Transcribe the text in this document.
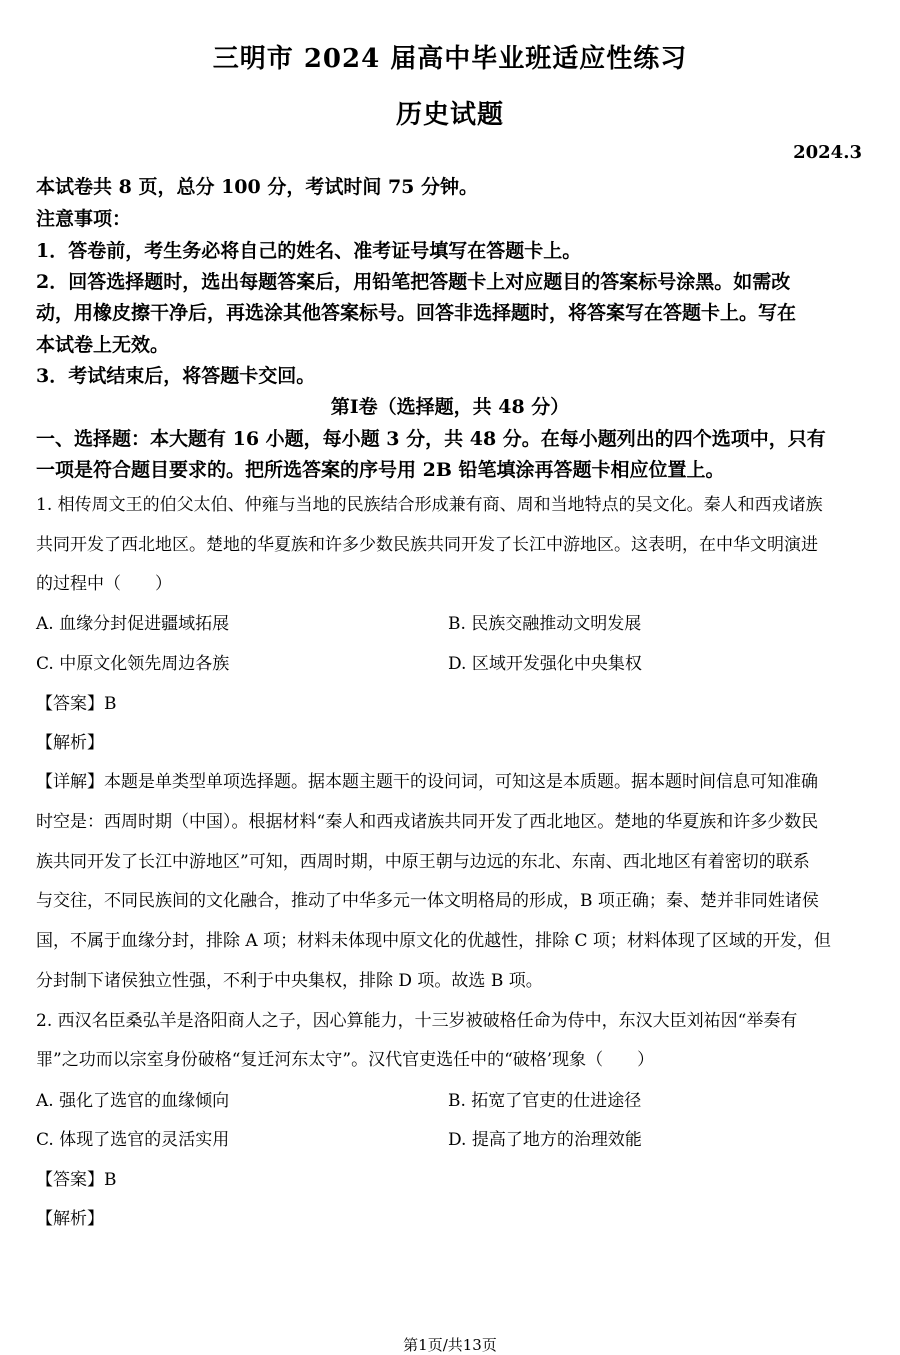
三明市 2024 届高中毕业班适应性练习
历史试题
2024.3
本试卷共 8 页，总分 100 分，考试时间 75 分钟。
注意事项：
1．答卷前，考生务必将自己的姓名、准考证号填写在答题卡上。
2．回答选择题时，选出每题答案后，用铅笔把答题卡上对应题目的答案标号涂黑。如需改
动，用橡皮擦干净后，再选涂其他答案标号。回答非选择题时，将答案写在答题卡上。写在
本试卷上无效。
3．考试结束后，将答题卡交回。
第Ⅰ卷（选择题，共 48 分）
一、选择题：本大题有 16 小题，每小题 3 分，共 48 分。在每小题列出的四个选项中，只有
一项是符合题目要求的。把所选答案的序号用 2B 铅笔填涂再答题卡相应位置上。
1. 相传周文王的伯父太伯、仲雍与当地的民族结合形成兼有商、周和当地特点的吴文化。秦人和西戎诸族
共同开发了西北地区。楚地的华夏族和许多少数民族共同开发了长江中游地区。这表明，在中华文明演进
的过程中（　　）
A. 血缘分封促进疆域拓展	B. 民族交融推动文明发展
C. 中原文化领先周边各族	D. 区域开发强化中央集权
【答案】B
【解析】
【详解】本题是单类型单项选择题。据本题主题干的设问词，可知这是本质题。据本题时间信息可知准确
时空是：西周时期（中国）。根据材料“秦人和西戎诸族共同开发了西北地区。楚地的华夏族和许多少数民
族共同开发了长江中游地区”可知，西周时期，中原王朝与边远的东北、东南、西北地区有着密切的联系
与交往，不同民族间的文化融合，推动了中华多元一体文明格局的形成，B 项正确；秦、楚并非同姓诸侯
国，不属于血缘分封，排除 A 项；材料未体现中原文化的优越性，排除 C 项；材料体现了区域的开发，但
分封制下诸侯独立性强，不利于中央集权，排除 D 项。故选 B 项。
2. 西汉名臣桑弘羊是洛阳商人之子，因心算能力，十三岁被破格任命为侍中，东汉大臣刘祐因“举奏有
罪”之功而以宗室身份破格“复迁河东太守”。汉代官吏选任中的“破格’现象（　　）
A. 强化了选官的血缘倾向	B. 拓宽了官吏的仕进途径
C. 体现了选官的灵活实用	D. 提高了地方的治理效能
【答案】B
【解析】
第1页/共13页
